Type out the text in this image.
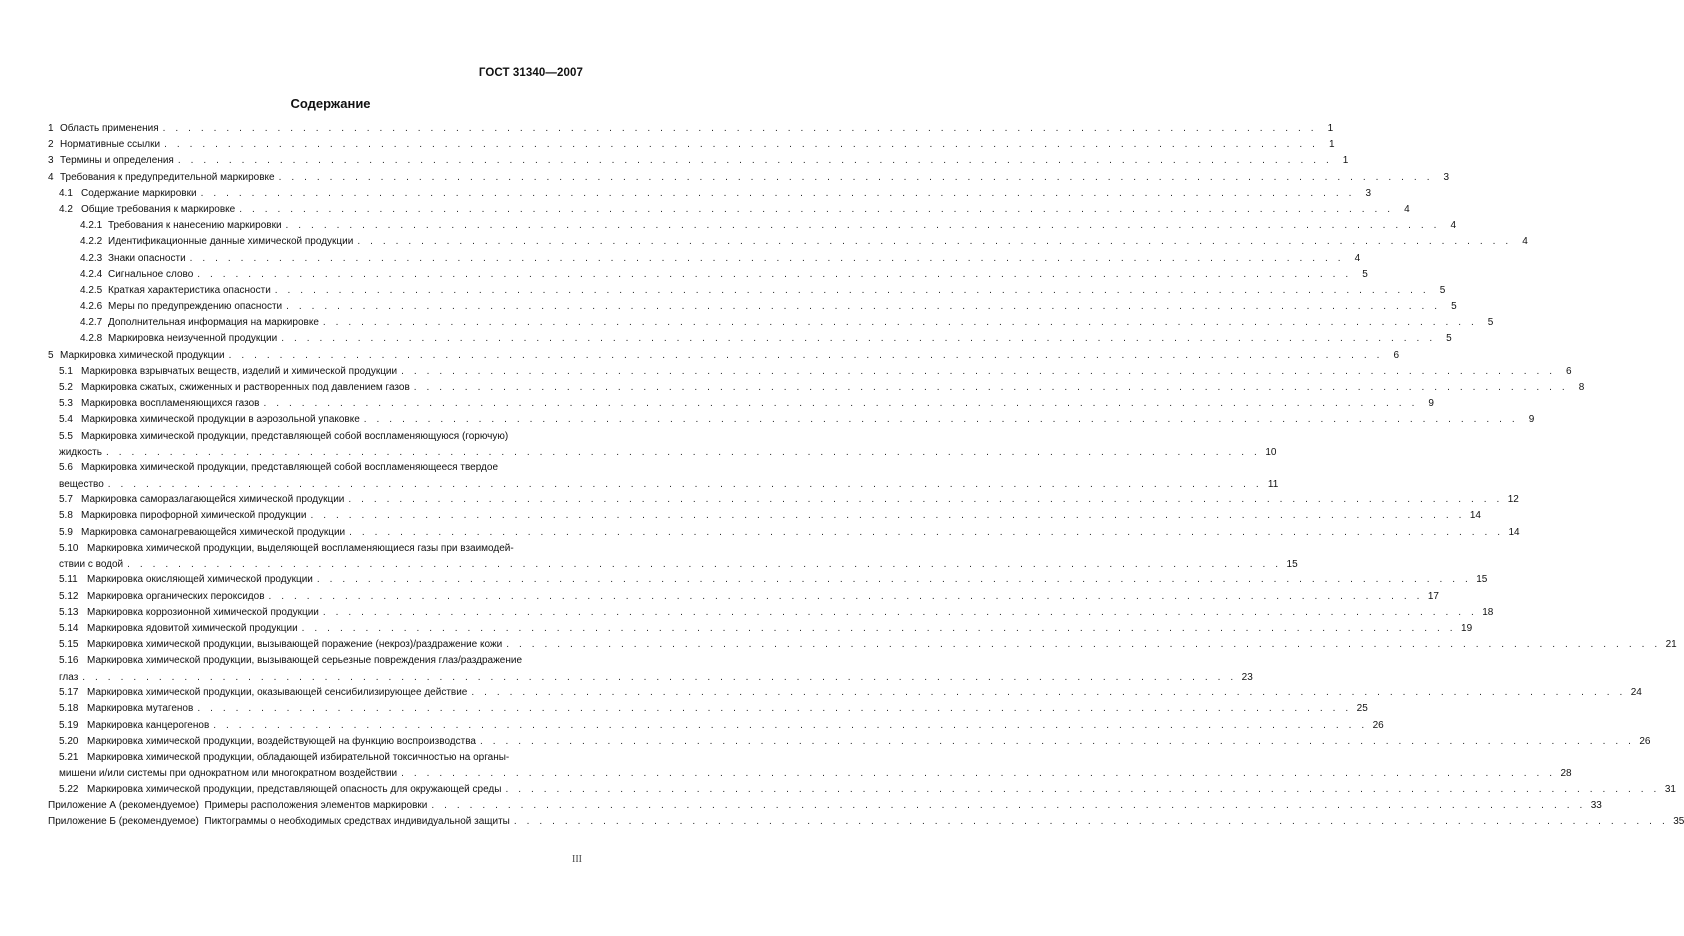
ГОСТ 31340—2007
Содержание
1 Область применения . . . . . . . . . . . . . . . . . . . . . . . . . . . . . . . . . . . . . . . . . . . . . . . . . . . . . . . . . . . . . . . . . . . . . . . . . . . . . . . . . . . . . . . . . . .	1
2 Нормативные ссылки . . . . . . . . . . . . . . . . . . . . . . . . . . . . . . . . . . . . . . . . . . . . . . . . . . . . . . . . . . . . . . . . . . . . . . . . . . . . . . . . . . . . . . . . . . .	1
3 Термины и определения . . . . . . . . . . . . . . . . . . . . . . . . . . . . . . . . . . . . . . . . . . . . . . . . . . . . . . . . . . . . . . . . . . . . . . . . . . . . . . . . . . . . . . . . . . .	1
4 Требования к предупредительной маркировке . . . . . . . . . . . . . . . . . . . . . . . . . . . . . . . . . . . . . . . . . . . . . . . . . . . . . . . . . . . . . . . . . . . . . . . . . . . . . . . . . . . . . . . . . . .	3
4.1 Содержание маркировки . . . . . . . . . . . . . . . . . . . . . . . . . . . . . . . . . . . . . . . . . . . . . . . . . . . . . . . . . . . . . . . . . . . . . . . . . . . . . . . . . . . . . . . . . . .	3
4.2 Общие требования к маркировке . . . . . . . . . . . . . . . . . . . . . . . . . . . . . . . . . . . . . . . . . . . . . . . . . . . . . . . . . . . . . . . . . . . . . . . . . . . . . . . . . . . . . . . . . . .	4
4.2.1 Требования к нанесению маркировки . . . . . . . . . . . . . . . . . . . . . . . . . . . . . . . . . . . . . . . . . . . . . . . . . . . . . . . . . . . . . . . . . . . . . . . . . . . . . . . . . . . . . . . . . . .	4
4.2.2 Идентификационные данные химической продукции . . . . . . . . . . . . . . . . . . . . . . . . . . . . . . . . . . . . . . . . . . . . . . . . . . . . . . . . . . . . . . . . . . . . . . . . . . . . . . . . . . . . . . . . . . .	4
4.2.3 Знаки опасности . . . . . . . . . . . . . . . . . . . . . . . . . . . . . . . . . . . . . . . . . . . . . . . . . . . . . . . . . . . . . . . . . . . . . . . . . . . . . . . . . . . . . . . . . . .	4
4.2.4 Сигнальное слово . . . . . . . . . . . . . . . . . . . . . . . . . . . . . . . . . . . . . . . . . . . . . . . . . . . . . . . . . . . . . . . . . . . . . . . . . . . . . . . . . . . . . . . . . . .	5
4.2.5 Краткая характеристика опасности . . . . . . . . . . . . . . . . . . . . . . . . . . . . . . . . . . . . . . . . . . . . . . . . . . . . . . . . . . . . . . . . . . . . . . . . . . . . . . . . . . . . . . . . . . .	5
4.2.6 Меры по предупреждению опасности . . . . . . . . . . . . . . . . . . . . . . . . . . . . . . . . . . . . . . . . . . . . . . . . . . . . . . . . . . . . . . . . . . . . . . . . . . . . . . . . . . . . . . . . . . .	5
4.2.7 Дополнительная информация на маркировке . . . . . . . . . . . . . . . . . . . . . . . . . . . . . . . . . . . . . . . . . . . . . . . . . . . . . . . . . . . . . . . . . . . . . . . . . . . . . . . . . . . . . . . . . . .	5
4.2.8 Маркировка неизученной продукции . . . . . . . . . . . . . . . . . . . . . . . . . . . . . . . . . . . . . . . . . . . . . . . . . . . . . . . . . . . . . . . . . . . . . . . . . . . . . . . . . . . . . . . . . . .	5
5 Маркировка химической продукции . . . . . . . . . . . . . . . . . . . . . . . . . . . . . . . . . . . . . . . . . . . . . . . . . . . . . . . . . . . . . . . . . . . . . . . . . . . . . . . . . . . . . . . . . . .	6
5.1 Маркировка взрывчатых веществ, изделий и химической продукции . . . . . . . . . . . . . . . . . . . . . . . . . . . . . . . . . . . . . . . . . . . . . . . . . . . . . . . . . . . . . . . . . . . . . . . . . . . . . . . . . . . . . . . . . . .	6
5.2 Маркировка сжатых, сжиженных и растворенных под давлением газов . . . . . . . . . . . . . . . . . . . . . . . . . . . . . . . . . . . . . . . . . . . . . . . . . . . . . . . . . . . . . . . . . . . . . . . . . . . . . . . . . . . . . . . . . . .	8
5.3 Маркировка воспламеняющихся газов . . . . . . . . . . . . . . . . . . . . . . . . . . . . . . . . . . . . . . . . . . . . . . . . . . . . . . . . . . . . . . . . . . . . . . . . . . . . . . . . . . . . . . . . . . .	9
5.4 Маркировка химической продукции в аэрозольной упаковке . . . . . . . . . . . . . . . . . . . . . . . . . . . . . . . . . . . . . . . . . . . . . . . . . . . . . . . . . . . . . . . . . . . . . . . . . . . . . . . . . . . . . . . . . . .	9
5.5 Маркировка химической продукции, представляющей собой воспламеняющуюся (горючую)
жидкость . . . . . . . . . . . . . . . . . . . . . . . . . . . . . . . . . . . . . . . . . . . . . . . . . . . . . . . . . . . . . . . . . . . . . . . . . . . . . . . . . . . . . . . . . . . 10
5.6 Маркировка химической продукции, представляющей собой воспламеняющееся твердое
вещество . . . . . . . . . . . . . . . . . . . . . . . . . . . . . . . . . . . . . . . . . . . . . . . . . . . . . . . . . . . . . . . . . . . . . . . . . . . . . . . . . . . . . . . . . . . 11
5.7 Маркировка саморазлагающейся химической продукции . . . . . . . . . . . . . . . . . . . . . . . . . . . . . . . . . . . . . . . . . . . . . . . . . . . . . . . . . . . . . . . . . . . . . . . . . . . . . . . . . . . . . . . . . . . 12
5.8 Маркировка пирофорной химической продукции . . . . . . . . . . . . . . . . . . . . . . . . . . . . . . . . . . . . . . . . . . . . . . . . . . . . . . . . . . . . . . . . . . . . . . . . . . . . . . . . . . . . . . . . . . . 14
5.9 Маркировка самонагревающейся химической продукции . . . . . . . . . . . . . . . . . . . . . . . . . . . . . . . . . . . . . . . . . . . . . . . . . . . . . . . . . . . . . . . . . . . . . . . . . . . . . . . . . . . . . . . . . . . 14
5.10 Маркировка химической продукции, выделяющей воспламеняющиеся газы при взаимодей-
ствии с водой . . . . . . . . . . . . . . . . . . . . . . . . . . . . . . . . . . . . . . . . . . . . . . . . . . . . . . . . . . . . . . . . . . . . . . . . . . . . . . . . . . . . . . . . . . . 15
5.11 Маркировка окисляющей химической продукции . . . . . . . . . . . . . . . . . . . . . . . . . . . . . . . . . . . . . . . . . . . . . . . . . . . . . . . . . . . . . . . . . . . . . . . . . . . . . . . . . . . . . . . . . . . 15
5.12 Маркировка органических пероксидов . . . . . . . . . . . . . . . . . . . . . . . . . . . . . . . . . . . . . . . . . . . . . . . . . . . . . . . . . . . . . . . . . . . . . . . . . . . . . . . . . . . . . . . . . . . 17
5.13 Маркировка коррозионной химической продукции . . . . . . . . . . . . . . . . . . . . . . . . . . . . . . . . . . . . . . . . . . . . . . . . . . . . . . . . . . . . . . . . . . . . . . . . . . . . . . . . . . . . . . . . . . . 18
5.14 Маркировка ядовитой химической продукции . . . . . . . . . . . . . . . . . . . . . . . . . . . . . . . . . . . . . . . . . . . . . . . . . . . . . . . . . . . . . . . . . . . . . . . . . . . . . . . . . . . . . . . . . . . 19
5.15 Маркировка химической продукции, вызывающей поражение (некроз)/раздражение кожи . . . . . . . . . . . . . . . . . . . . . . . . . . . . . . . . . . . . . . . . . . . . . . . . . . . . . . . . . . . . . . . . . . . . . . . . . . . . . . . . . . . . . . . . . . . 21
5.16 Маркировка химической продукции, вызывающей серьезные повреждения глаз/раздражение
глаз . . . . . . . . . . . . . . . . . . . . . . . . . . . . . . . . . . . . . . . . . . . . . . . . . . . . . . . . . . . . . . . . . . . . . . . . . . . . . . . . . . . . . . . . . . . 23
5.17 Маркировка химической продукции, оказывающей сенсибилизирующее действие . . . . . . . . . . . . . . . . . . . . . . . . . . . . . . . . . . . . . . . . . . . . . . . . . . . . . . . . . . . . . . . . . . . . . . . . . . . . . . . . . . . . . . . . . . . 24
5.18 Маркировка мутагенов . . . . . . . . . . . . . . . . . . . . . . . . . . . . . . . . . . . . . . . . . . . . . . . . . . . . . . . . . . . . . . . . . . . . . . . . . . . . . . . . . . . . . . . . . . . 25
5.19 Маркировка канцерогенов . . . . . . . . . . . . . . . . . . . . . . . . . . . . . . . . . . . . . . . . . . . . . . . . . . . . . . . . . . . . . . . . . . . . . . . . . . . . . . . . . . . . . . . . . . . 26
5.20 Маркировка химической продукции, воздействующей на функцию воспроизводства . . . . . . . . . . . . . . . . . . . . . . . . . . . . . . . . . . . . . . . . . . . . . . . . . . . . . . . . . . . . . . . . . . . . . . . . . . . . . . . . . . . . . . . . . . . 26
5.21 Маркировка химической продукции, обладающей избирательной токсичностью на органы-
мишени и/или системы при однократном или многократном воздействии . . . . . . . . . . . . . . . . . . . . . . . . . . . . . . . . . . . . . . . . . . . . . . . . . . . . . . . . . . . . . . . . . . . . . . . . . . . . . . . . . . . . . . . . . . . 28
5.22 Маркировка химической продукции, представляющей опасность для окружающей среды . . . . . . . . . . . . . . . . . . . . . . . . . . . . . . . . . . . . . . . . . . . . . . . . . . . . . . . . . . . . . . . . . . . . . . . . . . . . . . . . . . . . . . . . . . . 31
Приложение А (рекомендуемое)  Примеры расположения элементов маркировки . . . . . . . . . . . . . . . . . . . . . . . . . . . . . . . . . . . . . . . . . . . . . . . . . . . . . . . . . . . . . . . . . . . . . . . . . . . . . . . . . . . . . . . . . . . 33
Приложение Б (рекомендуемое)  Пиктограммы о необходимых средствах индивидуальной защиты . . . . . . . . . . . . . . . . . . . . . . . . . . . . . . . . . . . . . . . . . . . . . . . . . . . . . . . . . . . . . . . . . . . . . . . . . . . . . . . . . . . . . . . . . . . 35
III
